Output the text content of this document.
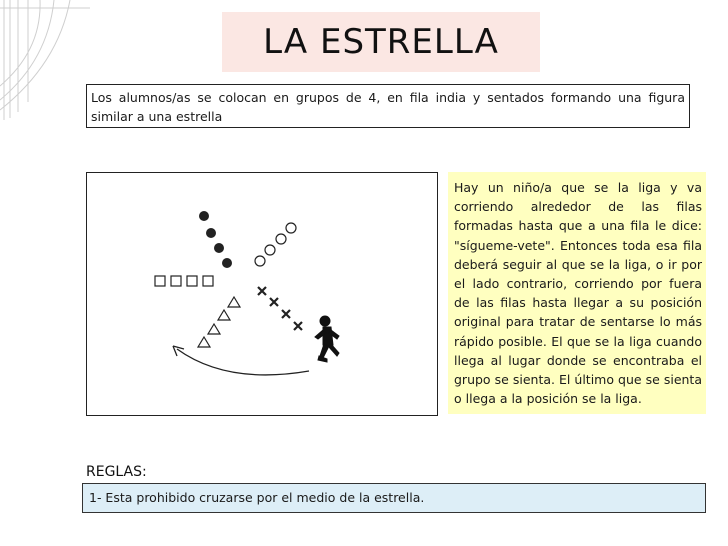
LA ESTRELLA
Los alumnos/as se colocan en grupos de 4, en fila india y sentados formando una figura similar a una estrella
Hay un niño/a que se la liga y va corriendo alrededor de las filas formadas hasta que a una fila le dice: "sígueme-vete". Entonces toda esa fila deberá seguir al que se la liga, o ir por el lado contrario, corriendo por fuera de las filas hasta llegar a su posición original para tratar de sentarse lo más rápido posible. El que se la liga cuando llega al lugar donde se encontraba el grupo se sienta. El último que se sienta o llega a la posición se la liga.
REGLAS:
1- Esta prohibido cruzarse por el medio de la estrella.
